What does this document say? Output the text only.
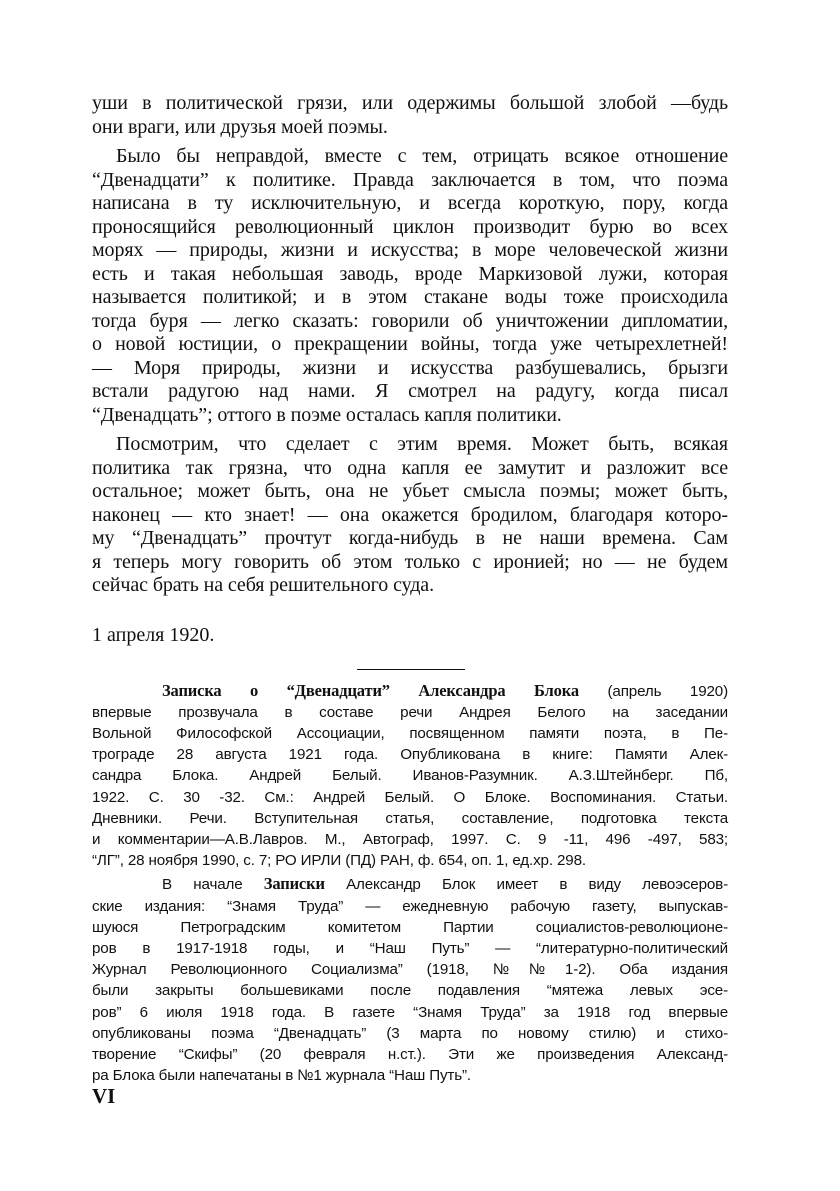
уши в политической грязи, или одержимы большой злобой —будь
они враги, или друзья моей поэмы.
Было бы неправдой, вместе с тем, отрицать всякое отношение
“Двенадцати” к политике. Правда заключается в том, что поэма
написана в ту исключительную, и всегда короткую, пору, когда
проносящийся революционный циклон производит бурю во всех
морях — природы, жизни и искусства; в море человеческой жизни
есть и такая небольшая заводь, вроде Маркизовой лужи, которая
называется политикой; и в этом стакане воды тоже происходила
тогда буря — легко сказать: говорили об уничтожении дипломатии,
о новой юстиции, о прекращении войны, тогда уже четырехлетней!
— Моря природы, жизни и искусства разбушевались, брызги
встали радугою над нами. Я смотрел на радугу, когда писал
“Двенадцать”; оттого в поэме осталась капля политики.
Посмотрим, что сделает с этим время. Может быть, всякая
политика так грязна, что одна капля ее замутит и разложит все
остальное; может быть, она не убьет смысла поэмы; может быть,
наконец — кто знает! — она окажется бродилом, благодаря которо-
му “Двенадцать” прочтут когда-нибудь в не наши времена. Сам
я теперь могу говорить об этом только с иронией; но — не будем
сейчас брать на себя решительного суда.
1 апреля 1920.
Записка о “Двенадцати” Александра Блока (апрель 1920)
впервые прозвучала в составе речи Андрея Белого на заседании
Вольной Философской Ассоциации, посвященном памяти поэта, в Пе-
трограде 28 августа 1921 года. Опубликована в книге: Памяти Алек-
сандра Блока. Андрей Белый. Иванов-Разумник. А.З.Штейнберг. Пб,
1922. С. 30 -32. См.: Андрей Белый. О Блоке. Воспоминания. Статьи.
Дневники. Речи. Вступительная статья, составление, подготовка текста
и комментарии—А.В.Лавров. М., Автограф, 1997. С. 9 -11, 496 -497, 583;
“ЛГ”, 28 ноября 1990, с. 7; РО ИРЛИ (ПД) РАН, ф. 654, оп. 1, ед.хр. 298.
В начале Записки Александр Блок имеет в виду левоэсеров-
ские издания: “Знамя Труда” — ежедневную рабочую газету, выпускав-
шуюся Петроградским комитетом Партии социалистов-революционе-
ров в 1917-1918 годы, и “Наш Путь” — “литературно-политический
Журнал Революционного Социализма” (1918, №№1-2). Оба издания
были закрыты большевиками после подавления “мятежа левых эсе-
ров” 6 июля 1918 года. В газете “Знамя Труда” за 1918 год впервые
опубликованы поэма “Двенадцать” (3 марта по новому стилю) и стихо-
творение “Скифы” (20 февраля н.ст.). Эти же произведения Александ-
ра Блока были напечатаны в №1 журнала “Наш Путь”.
VI
